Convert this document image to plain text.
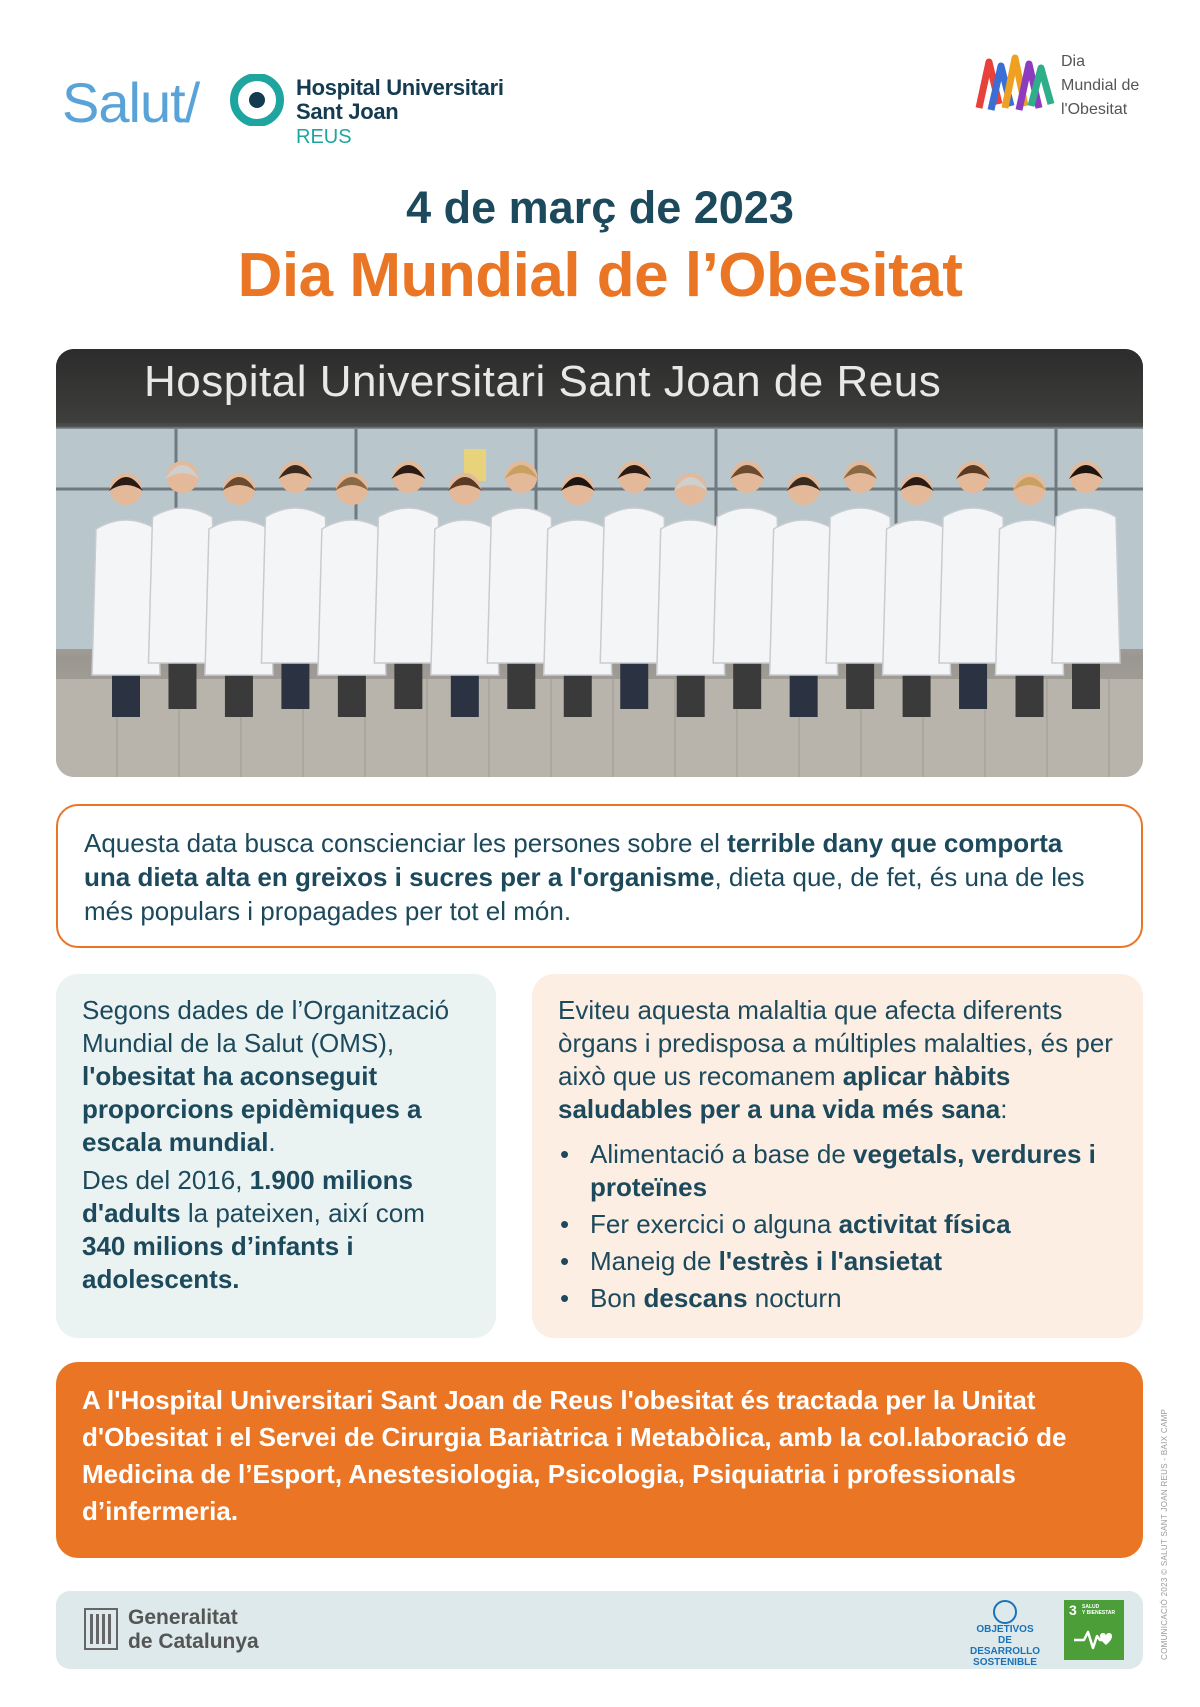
Salut/	Hospital Universitari
Sant Joan
REUS
Dia
Mundial de
l'Obesitat
4 de març de 2023
Dia Mundial de l’Obesitat
Hospital Universitari Sant Joan de Reus
Aquesta data busca conscienciar les persones sobre el terrible dany que comporta una dieta alta en greixos i sucres per a l'organisme, dieta que, de fet, és una de les més populars i propagades per tot el món.

Segons dades de l’Organització Mundial de la Salut (OMS), l'obesitat ha aconseguit proporcions epidèmiques a escala mundial.

Des del 2016, 1.900 milions d'adults la pateixen, així com 340 milions d’infants i adolescents.

Eviteu aquesta malaltia que afecta diferents òrgans i predisposa a múltiples malalties, és per això que us recomanem aplicar hàbits saludables per a una vida més sana:

• Alimentació a base de vegetals, verdures i proteïnes
• Fer exercici o alguna activitat física
• Maneig de l'estrès i l'ansietat
• Bon descans nocturn
A l'Hospital Universitari Sant Joan de Reus l'obesitat és tractada per la Unitat d'Obesitat i el Servei de Cirurgia Bariàtrica i Metabòlica, amb la col.laboració de Medicina de l’Esport, Anestesiologia, Psicologia, Psiquiatria i professionals d’infermeria.	COMUNICACIÓ 2023 © SALUT SANT JOAN REUS - BAIX CAMP
Generalitat
de Catalunya
OBJETIVOS
DE DESARROLLO
SOSTENIBLE
3 SALUD
Y BIENESTAR
